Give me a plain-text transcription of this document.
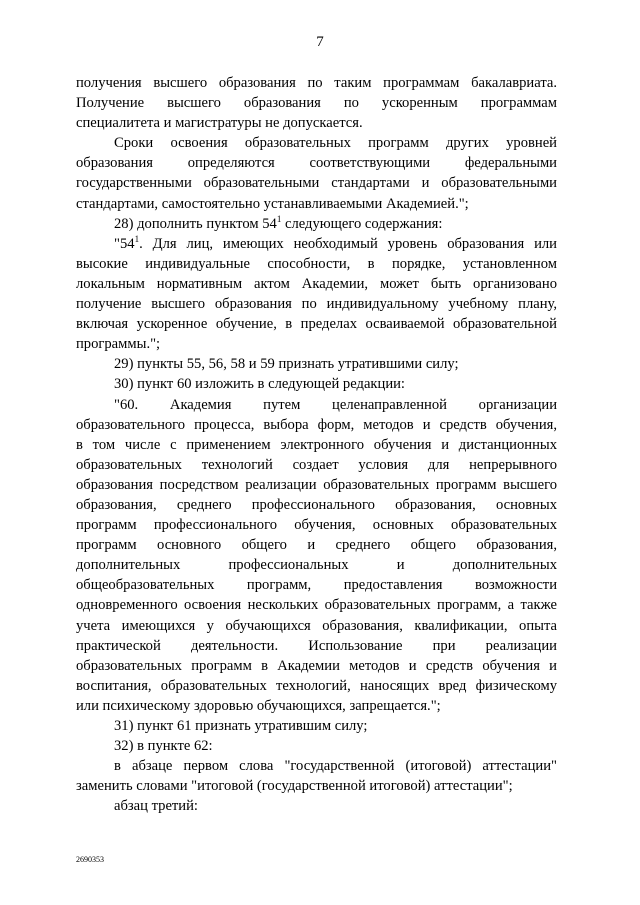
7

получения высшего образования по таким программам бакалавриата.

Получение высшего образования по ускоренным программам

специалитета и магистратуры не допускается.

Сроки освоения образовательных программ других уровней

образования определяются соответствующими федеральными

государственными образовательными стандартами и образовательными

стандартами, самостоятельно устанавливаемыми Академией.";

28) дополнить пунктом $54^1$ следующего содержания:

"$54^1$. Для лиц, имеющих необходимый уровень образования или

высокие индивидуальные способности, в порядке, установленном

локальным нормативным актом Академии, может быть организовано

получение высшего образования по индивидуальному учебному плану,

включая ускоренное обучение, в пределах осваиваемой образовательной

программы.";

29) пункты 55, 56, 58 и 59 признать утратившими силу;

30) пункт 60 изложить в следующей редакции:

"60. Академия путем целенаправленной организации

образовательного процесса, выбора форм, методов и средств обучения,

в том числе с применением электронного обучения и дистанционных

образовательных технологий создает условия для непрерывного

образования посредством реализации образовательных программ высшего

образования, среднего профессионального образования, основных

программ профессионального обучения, основных образовательных

программ основного общего и среднего общего образования,

дополнительных профессиональных и дополнительных

общеобразовательных программ, предоставления возможности

одновременного освоения нескольких образовательных программ, а также

учета имеющихся у обучающихся образования, квалификации, опыта

практической деятельности. Использование при реализации

образовательных программ в Академии методов и средств обучения и

воспитания, образовательных технологий, наносящих вред физическому

или психическому здоровью обучающихся, запрещается.";

31) пункт 61 признать утратившим силу;

32) в пункте 62:

в абзаце первом слова "государственной (итоговой) аттестации"

заменить словами "итоговой (государственной итоговой) аттестации";

абзац третий:

2690353
